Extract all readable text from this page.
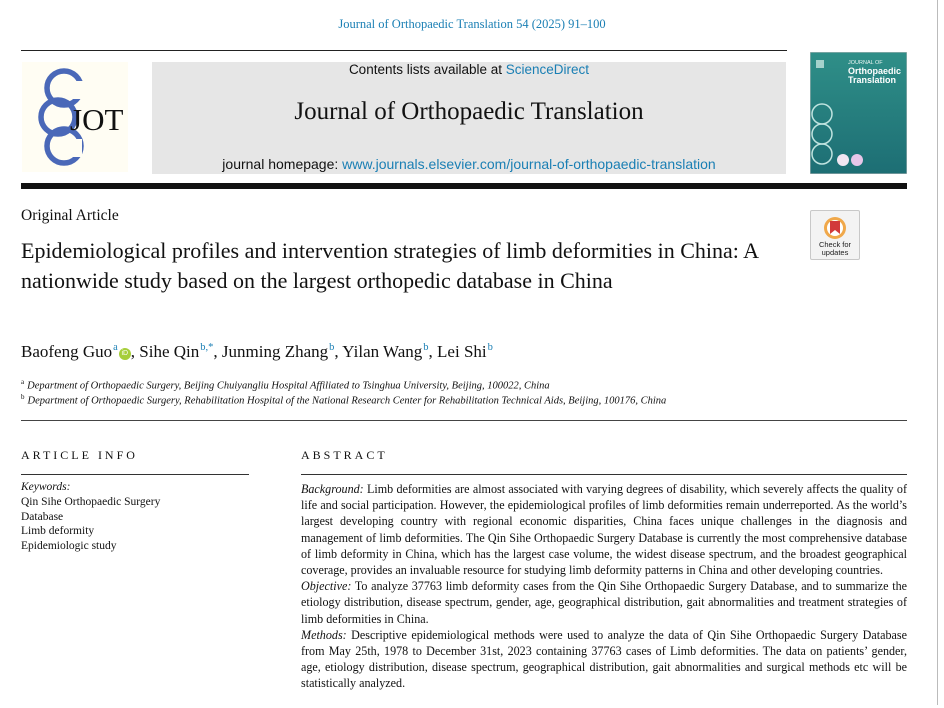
Journal of Orthopaedic Translation 54 (2025) 91–100
JOT
Contents lists available at ScienceDirect
Journal of Orthopaedic Translation
journal homepage: www.journals.elsevier.com/journal-of-orthopaedic-translation
JOURNAL OF
Orthopaedic
Translation
Original Article
Check for
updates
Epidemiological profiles and intervention strategies of limb deformities in China: A nationwide study based on the largest orthopedic database in China
Baofeng Guo$^a$iD , Sihe Qin$^{b,*}$, Junming Zhang$^b$, Yilan Wang$^b$, Lei Shi$^b$
$^a$ Department of Orthopaedic Surgery, Beijing Chuiyangliu Hospital Affiliated to Tsinghua University, Beijing, 100022, China
$^b$ Department of Orthopaedic Surgery, Rehabilitation Hospital of the National Research Center for Rehabilitation Technical Aids, Beijing, 100176, China
ARTICLE INFO
Keywords:
Qin Sihe Orthopaedic Surgery
Database
Limb deformity
Epidemiologic study
ABSTRACT

Background: Limb deformities are almost associated with varying degrees of disability, which severely affects the quality of life and social participation. However, the epidemiological profiles of limb deformities remain underreported. As the world’s largest developing country with regional economic disparities, China faces unique challenges in the diagnosis and management of limb deformities. The Qin Sihe Orthopaedic Surgery Database is currently the most comprehensive database of limb deformity in China, which has the largest case volume, the widest disease spectrum, and the broadest geographical coverage, provides an invaluable resource for studying limb deformity patterns in China and other developing countries.

Objective: To analyze 37763 limb deformity cases from the Qin Sihe Orthopaedic Surgery Database, and to summarize the etiology distribution, disease spectrum, gender, age, geographical distribution, gait abnormalities and treatment strategies of limb deformities in China.

Methods: Descriptive epidemiological methods were used to analyze the data of Qin Sihe Orthopaedic Surgery Database from May 25th, 1978 to December 31st, 2023 containing 37763 cases of Limb deformities. The data on patients’ gender, age, etiology distribution, disease spectrum, geographical distribution, gait abnormalities and surgical methods etc will be statistically analyzed.
